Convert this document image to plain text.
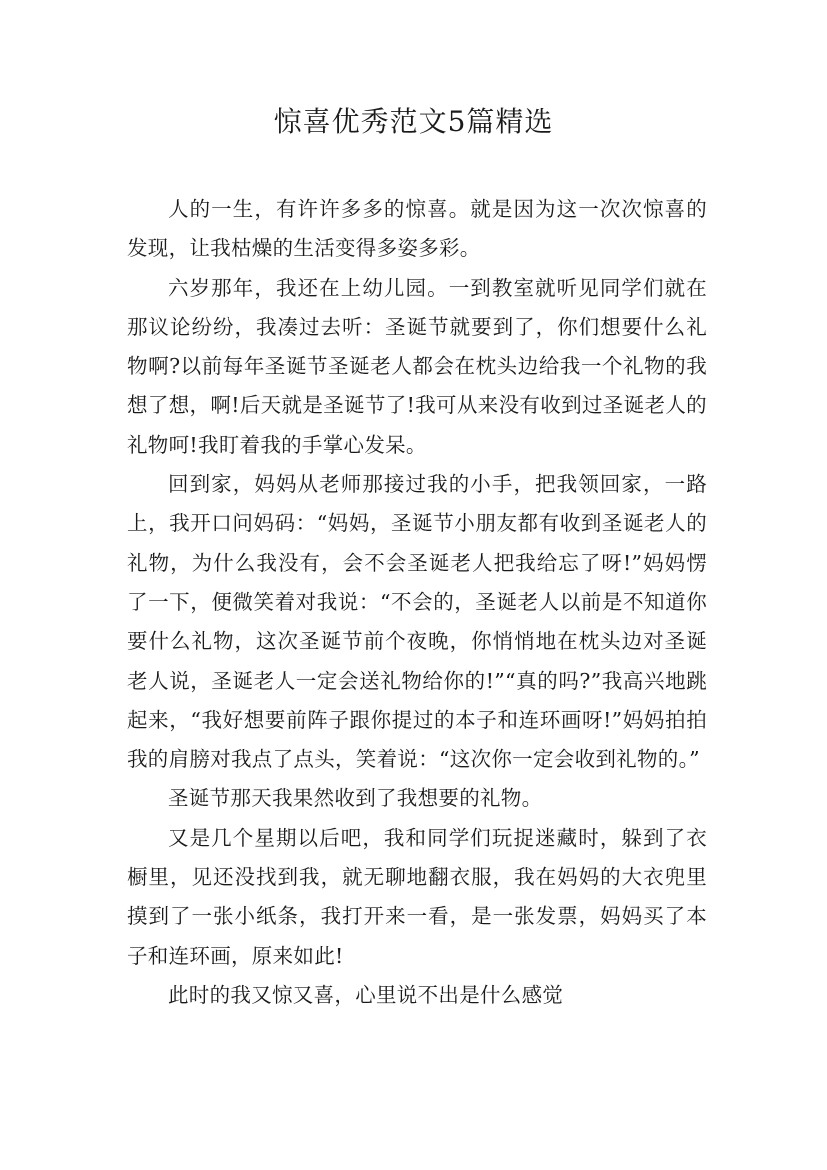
惊喜优秀范文5篇精选

人的一生，有许许多多的惊喜。就是因为这一次次惊喜的发现，让我枯燥的生活变得多姿多彩。

六岁那年，我还在上幼儿园。一到教室就听见同学们就在那议论纷纷，我凑过去听：圣诞节就要到了，你们想要什么礼物啊?以前每年圣诞节圣诞老人都会在枕头边给我一个礼物的我想了想，啊!后天就是圣诞节了!我可从来没有收到过圣诞老人的礼物呵!我盯着我的手掌心发呆。

回到家，妈妈从老师那接过我的小手，把我领回家，一路上，我开口问妈码：“妈妈，圣诞节小朋友都有收到圣诞老人的礼物，为什么我没有，会不会圣诞老人把我给忘了呀!”妈妈愣了一下，便微笑着对我说：“不会的，圣诞老人以前是不知道你要什么礼物，这次圣诞节前个夜晚，你悄悄地在枕头边对圣诞老人说，圣诞老人一定会送礼物给你的!”“真的吗?”我高兴地跳起来，“我好想要前阵子跟你提过的本子和连环画呀!”妈妈拍拍我的肩膀对我点了点头，笑着说：“这次你一定会收到礼物的。”

圣诞节那天我果然收到了我想要的礼物。

又是几个星期以后吧，我和同学们玩捉迷藏时，躲到了衣橱里，见还没找到我，就无聊地翻衣服，我在妈妈的大衣兜里摸到了一张小纸条，我打开来一看，是一张发票，妈妈买了本子和连环画，原来如此!

此时的我又惊又喜，心里说不出是什么感觉
